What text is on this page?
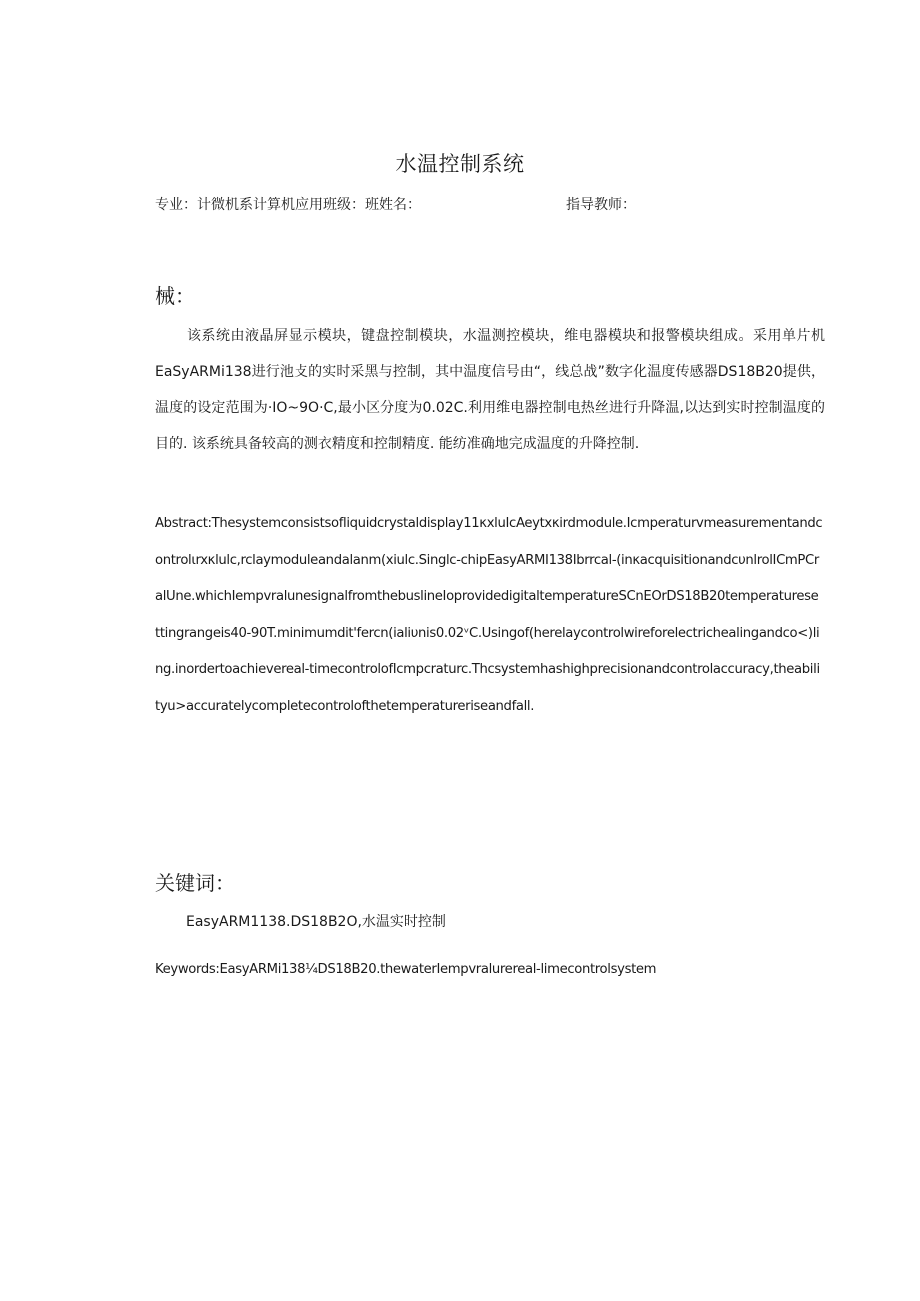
水温控制系统
专业：计微机系计算机应用班级：班姓名：	指导教师：
械：

该系统由液晶屏显示模块，键盘控制模块，水温测控模块，维电器模块和报警模块组成。采用单片机EaSyARMi138进行池攴的实时采黑与控制，其中温度信号由“，线总战”数字化温度传感器DS18B20提供，温度的设定范围为·IO~9O·C,最小区分度为0.02C.利用维电器控制电热丝进行升降温,以达到实时控制温度的目的. 该系统具备较高的测衣精度和控制精度. 能纺准确地完成温度的升降控制.

Abstract:Thesystemconsistsofliquidcrystaldisplay11κxluIcAeytxκirdmodule.Icmperaturvmeasurementandcontrolιrxκlulc,rclaymoduleandalanm(xiulc.Singlc-chipEasyARMI138Ibrrcal-(inκacquisitionandcυnlrolICmPCralUne.whichIempvralunesignalfromthebuslineIoprovidedigitaltemperatureSCnEOrDS18B20temperaturesettingrangeis40-90T.minimumdit'fercn(ialiυnis0.02ᵛC.Usingof(herelaycontrolwireforelectrichealingandco<)ling.inordertoachievereal-timecontrolofIcmpcraturc.Thcsystemhashighprecisionandcontrolaccuracy,theabilityu>accuratelycompletecontrolofthetemperatureriseandfall.

关键词：
EasyARM1138.DS18B2O,水温实时控制
Keywords:EasyARMi138¼DS18B20.thewaterIempvralurereal-limecontrolsystem
